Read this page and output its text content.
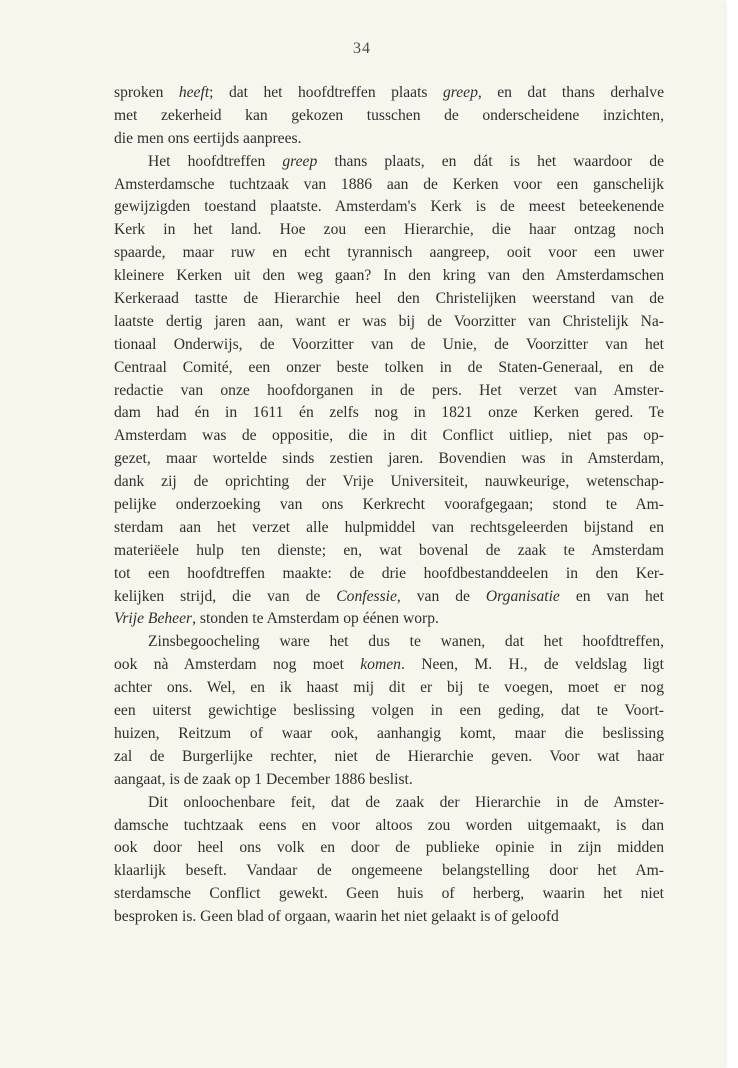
34
sproken heeft; dat het hoofdtreffen plaats greep, en dat thans derhalve
met zekerheid kan gekozen tusschen de onderscheidene inzichten,
die men ons eertijds aanprees.
Het hoofdtreffen greep thans plaats, en dát is het waardoor de
Amsterdamsche tuchtzaak van 1886 aan de Kerken voor een ganschelijk
gewijzigden toestand plaatste. Amsterdam's Kerk is de meest beteekenende
Kerk in het land. Hoe zou een Hierarchie, die haar ontzag noch
spaarde, maar ruw en echt tyrannisch aangreep, ooit voor een uwer
kleinere Kerken uit den weg gaan? In den kring van den Amsterdamschen
Kerkeraad tastte de Hierarchie heel den Christelijken weerstand van de
laatste dertig jaren aan, want er was bij de Voorzitter van Christelijk Na-
tionaal Onderwijs, de Voorzitter van de Unie, de Voorzitter van het
Centraal Comité, een onzer beste tolken in de Staten-Generaal, en de
redactie van onze hoofdorganen in de pers. Het verzet van Amster-
dam had én in 1611 én zelfs nog in 1821 onze Kerken gered. Te
Amsterdam was de oppositie, die in dit Conflict uitliep, niet pas op-
gezet, maar wortelde sinds zestien jaren. Bovendien was in Amsterdam,
dank zij de oprichting der Vrije Universiteit, nauwkeurige, wetenschap-
pelijke onderzoeking van ons Kerkrecht voorafgegaan; stond te Am-
sterdam aan het verzet alle hulpmiddel van rechtsgeleerden bijstand en
materiëele hulp ten dienste; en, wat bovenal de zaak te Amsterdam
tot een hoofdtreffen maakte: de drie hoofdbestanddeelen in den Ker-
kelijken strijd, die van de Confessie, van de Organisatie en van het
Vrije Beheer, stonden te Amsterdam op éénen worp.
Zinsbegoocheling ware het dus te wanen, dat het hoofdtreffen,
ook nà Amsterdam nog moet komen. Neen, M. H., de veldslag ligt
achter ons. Wel, en ik haast mij dit er bij te voegen, moet er nog
een uiterst gewichtige beslissing volgen in een geding, dat te Voort-
huizen, Reitzum of waar ook, aanhangig komt, maar die beslissing
zal de Burgerlijke rechter, niet de Hierarchie geven. Voor wat haar
aangaat, is de zaak op 1 December 1886 beslist.
Dit onloochenbare feit, dat de zaak der Hierarchie in de Amster-
damsche tuchtzaak eens en voor altoos zou worden uitgemaakt, is dan
ook door heel ons volk en door de publieke opinie in zijn midden
klaarlijk beseft. Vandaar de ongemeene belangstelling door het Am-
sterdamsche Conflict gewekt. Geen huis of herberg, waarin het niet
besproken is. Geen blad of orgaan, waarin het niet gelaakt is of geloofd
